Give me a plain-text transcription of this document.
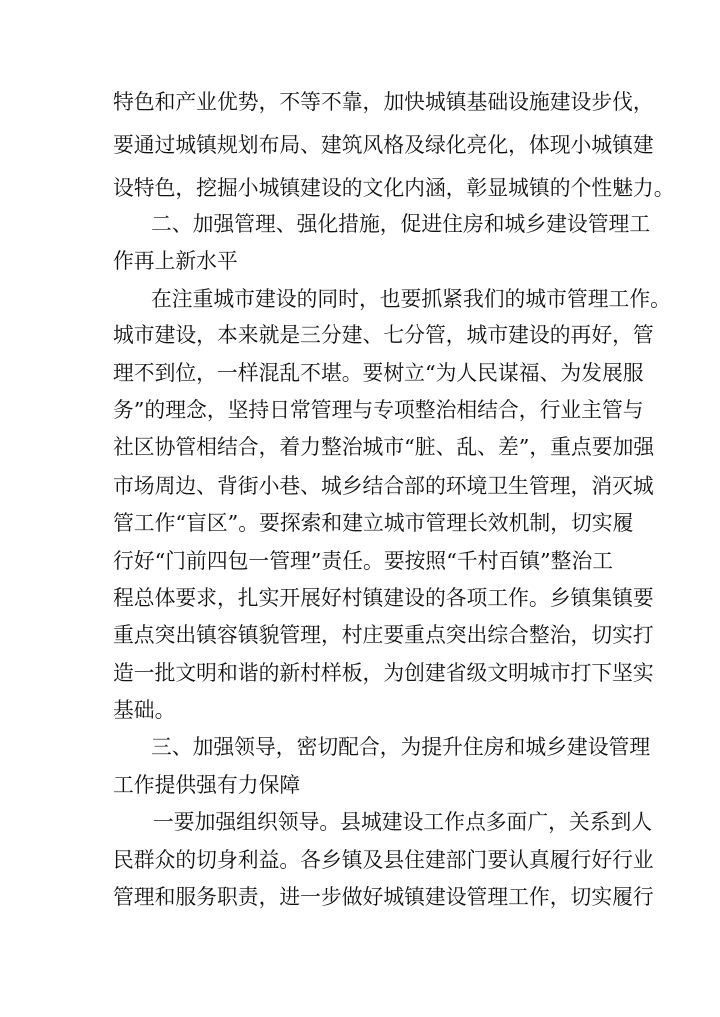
特色和产业优势，不等不靠，加快城镇基础设施建设步伐，
要通过城镇规划布局、建筑风格及绿化亮化，体现小城镇建
设特色，挖掘小城镇建设的文化内涵，彰显城镇的个性魅力。
二、加强管理、强化措施，促进住房和城乡建设管理工
作再上新水平
在注重城市建设的同时，也要抓紧我们的城市管理工作。
城市建设，本来就是三分建、七分管，城市建设的再好，管
理不到位，一样混乱不堪。要树立“为人民谋福、为发展服
务”的理念，坚持日常管理与专项整治相结合，行业主管与
社区协管相结合，着力整治城市“脏、乱、差”，重点要加强
市场周边、背街小巷、城乡结合部的环境卫生管理，消灭城
管工作“盲区”。要探索和建立城市管理长效机制，切实履
行好“门前四包一管理”责任。要按照“千村百镇”整治工
程总体要求，扎实开展好村镇建设的各项工作。乡镇集镇要
重点突出镇容镇貌管理，村庄要重点突出综合整治，切实打
造一批文明和谐的新村样板，为创建省级文明城市打下坚实
基础。
三、加强领导，密切配合，为提升住房和城乡建设管理
工作提供强有力保障
一要加强组织领导。县城建设工作点多面广，关系到人
民群众的切身利益。各乡镇及县住建部门要认真履行好行业
管理和服务职责，进一步做好城镇建设管理工作，切实履行
